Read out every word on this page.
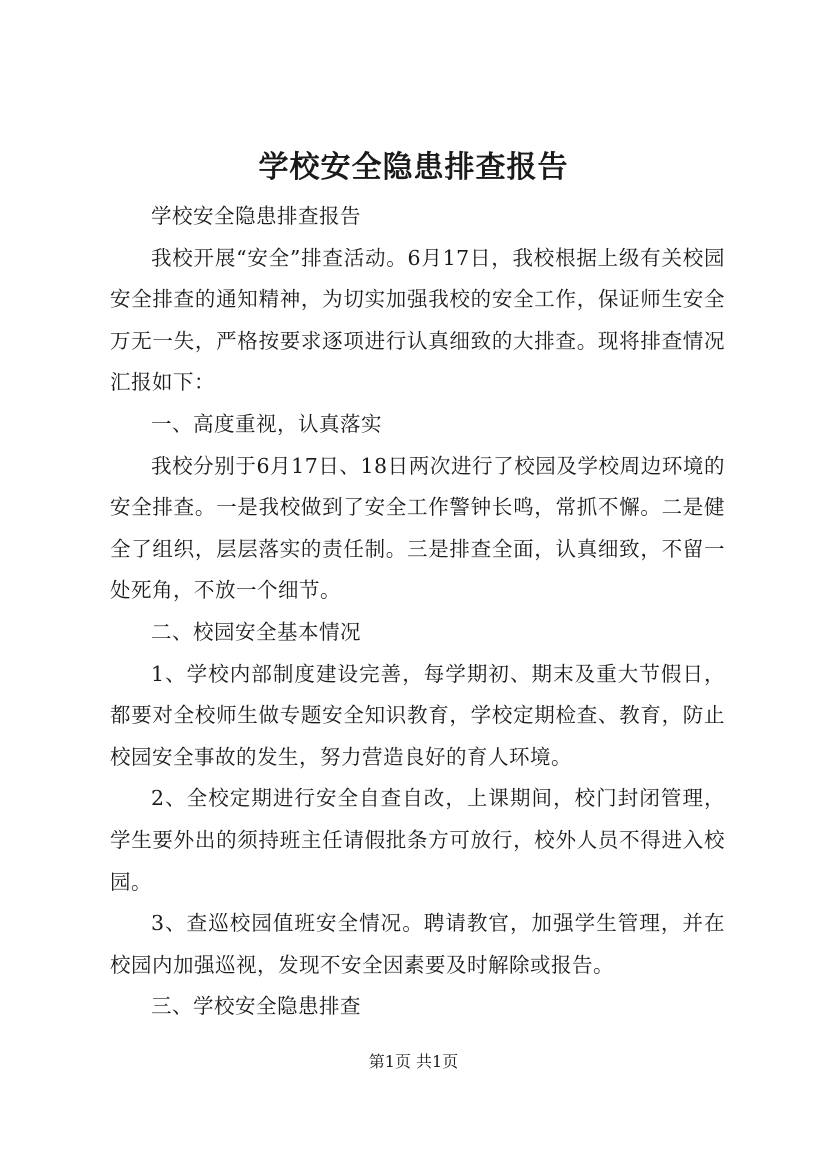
学校安全隐患排查报告

学校安全隐患排查报告

我校开展“安全”排查活动。6月17日，我校根据上级有关校园安全排查的通知精神，为切实加强我校的安全工作，保证师生安全万无一失，严格按要求逐项进行认真细致的大排查。现将排查情况汇报如下：

一、高度重视，认真落实

我校分别于6月17日、18日两次进行了校园及学校周边环境的安全排查。一是我校做到了安全工作警钟长鸣，常抓不懈。二是健全了组织，层层落实的责任制。三是排查全面，认真细致，不留一处死角，不放一个细节。

二、校园安全基本情况

1、学校内部制度建设完善，每学期初、期末及重大节假日，都要对全校师生做专题安全知识教育，学校定期检查、教育，防止校园安全事故的发生，努力营造良好的育人环境。

2、全校定期进行安全自查自改，上课期间，校门封闭管理，学生要外出的须持班主任请假批条方可放行，校外人员不得进入校园。

3、查巡校园值班安全情况。聘请教官，加强学生管理，并在校园内加强巡视，发现不安全因素要及时解除或报告。

三、学校安全隐患排查

第1页 共1页
